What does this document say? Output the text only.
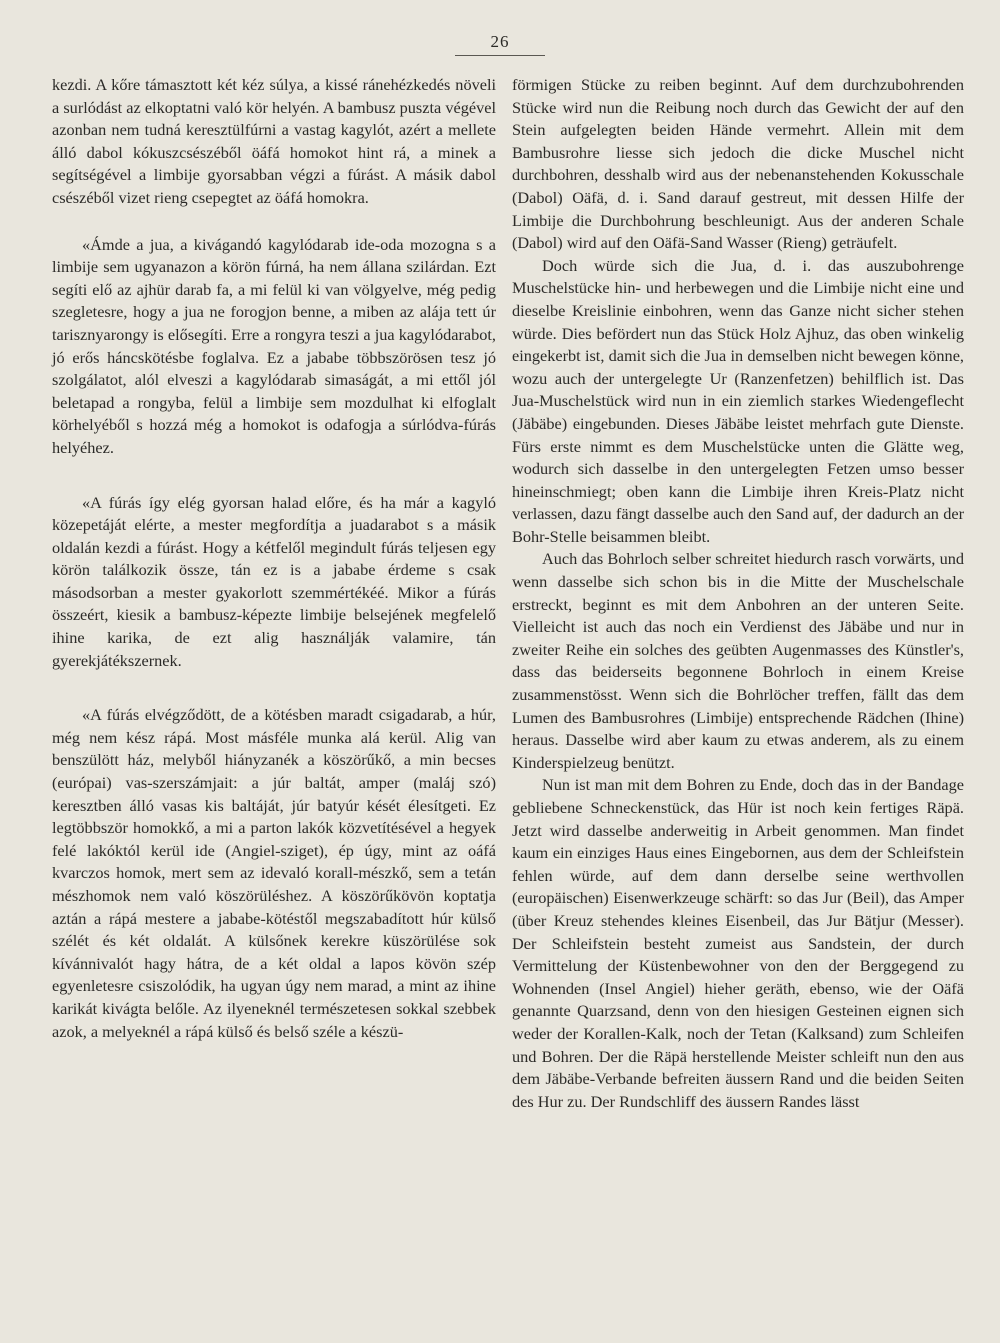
26

kezdi. A kőre támasztott két kéz súlya, a kissé ránehézkedés növeli a surlódást az elkoptatni való kör helyén. A bambusz puszta végével azonban nem tudná keresztülfúrni a vastag kagylót, azért a mellete álló dabol kókuszcsészéből öáfá homokot hint rá, a minek a segítségével a limbije gyorsabban végzi a fúrást. A másik dabol csészéből vizet rieng csepegtet az öáfá homokra.

«Ámde a jua, a kivágandó kagylódarab ide-oda mozogna s a limbije sem ugyanazon a körön fúrná, ha nem állana szilárdan. Ezt segíti elő az ajhür darab fa, a mi felül ki van völgyelve, még pedig szegletesre, hogy a jua ne forogjon benne, a miben az alája tett úr tarisznyarongy is elősegíti. Erre a rongyra teszi a jua kagylódarabot, jó erős háncskötésbe foglalva. Ez a jababe többszörösen tesz jó szolgálatot, alól elveszi a kagylódarab simaságát, a mi ettől jól beletapad a rongyba, felül a limbije sem mozdulhat ki elfoglalt körhelyéből s hozzá még a homokot is odafogja a súrlódva-fúrás helyéhez.

«A fúrás így elég gyorsan halad előre, és ha már a kagyló közepetáját elérte, a mester megfordítja a juadarabot s a másik oldalán kezdi a fúrást. Hogy a kétfelől megindult fúrás teljesen egy körön találkozik össze, tán ez is a jababe érdeme s csak másodsorban a mester gyakorlott szemmértékéé. Mikor a fúrás összeért, kiesik a bambusz-képezte limbije belsejének megfelelő ihine karika, de ezt alig használják valamire, tán gyerekjátékszernek.

«A fúrás elvégződött, de a kötésben maradt csigadarab, a húr, még nem kész rápá. Most másféle munka alá kerül. Alig van benszülött ház, melyből hiányzanék a köszörűkő, a min becses (európai) vas-szerszámjait: a júr baltát, amper (maláj szó) keresztben álló vasas kis baltáját, júr batyúr kését élesítgeti. Ez legtöbbször homokkő, a mi a parton lakók közvetítésével a hegyek felé lakóktól kerül ide (Angiel-sziget), ép úgy, mint az oáfá kvarczos homok, mert sem az idevaló korall-mészkő, sem a tetán mészhomok nem való köszörüléshez. A köszörűkövön koptatja aztán a rápá mestere a jababe-kötéstől megszabadított húr külső szélét és két oldalát. A külsőnek kerekre küszörülése sok kívánnivalót hagy hátra, de a két oldal a lapos kövön szép egyenletesre csiszolódik, ha ugyan úgy nem marad, a mint az ihine karikát kivágta belőle. Az ilyeneknél természetesen sokkal szebbek azok, a melyeknél a rápá külső és belső széle a készü-

förmigen Stücke zu reiben beginnt. Auf dem durchzubohrenden Stücke wird nun die Reibung noch durch das Gewicht der auf den Stein aufgelegten beiden Hände vermehrt. Allein mit dem Bambusrohre liesse sich jedoch die dicke Muschel nicht durchbohren, desshalb wird aus der nebenanstehenden Kokusschale (Dabol) Oäfä, d. i. Sand darauf gestreut, mit dessen Hilfe der Limbije die Durchbohrung beschleunigt. Aus der anderen Schale (Dabol) wird auf den Oäfä-Sand Wasser (Rieng) geträufelt.

Doch würde sich die Jua, d. i. das auszubohrenge Muschelstücke hin- und herbewegen und die Limbije nicht eine und dieselbe Kreislinie einbohren, wenn das Ganze nicht sicher stehen würde. Dies befördert nun das Stück Holz Ajhuz, das oben winkelig eingekerbt ist, damit sich die Jua in demselben nicht bewegen könne, wozu auch der untergelegte Ur (Ranzenfetzen) behilflich ist. Das Jua-Muschelstück wird nun in ein ziemlich starkes Wiedengeflecht (Jäbäbe) eingebunden. Dieses Jäbäbe leistet mehrfach gute Dienste. Fürs erste nimmt es dem Muschelstücke unten die Glätte weg, wodurch sich dasselbe in den untergelegten Fetzen umso besser hineinschmiegt; oben kann die Limbije ihren Kreis-Platz nicht verlassen, dazu fängt dasselbe auch den Sand auf, der dadurch an der Bohr-Stelle beisammen bleibt.

Auch das Bohrloch selber schreitet hiedurch rasch vorwärts, und wenn dasselbe sich schon bis in die Mitte der Muschelschale erstreckt, beginnt es mit dem Anbohren an der unteren Seite. Vielleicht ist auch das noch ein Verdienst des Jäbäbe und nur in zweiter Reihe ein solches des geübten Augenmasses des Künstler's, dass das beiderseits begonnene Bohrloch in einem Kreise zusammenstösst. Wenn sich die Bohrlöcher treffen, fällt das dem Lumen des Bambusrohres (Limbije) entsprechende Rädchen (Ihine) heraus. Dasselbe wird aber kaum zu etwas anderem, als zu einem Kinderspielzeug benützt.

Nun ist man mit dem Bohren zu Ende, doch das in der Bandage gebliebene Schneckenstück, das Hür ist noch kein fertiges Räpä. Jetzt wird dasselbe anderweitig in Arbeit genommen. Man findet kaum ein einziges Haus eines Eingebornen, aus dem der Schleifstein fehlen würde, auf dem dann derselbe seine werthvollen (europäischen) Eisenwerkzeuge schärft: so das Jur (Beil), das Amper (über Kreuz stehendes kleines Eisenbeil, das Jur Bätjur (Messer). Der Schleifstein besteht zumeist aus Sandstein, der durch Vermittelung der Küstenbewohner von den der Berggegend zu Wohnenden (Insel Angiel) hieher geräth, ebenso, wie der Oäfä genannte Quarzsand, denn von den hiesigen Gesteinen eignen sich weder der Korallen-Kalk, noch der Tetan (Kalksand) zum Schleifen und Bohren. Der die Räpä herstellende Meister schleift nun den aus dem Jäbäbe-Verbande befreiten äussern Rand und die beiden Seiten des Hur zu. Der Rundschliff des äussern Randes lässt
